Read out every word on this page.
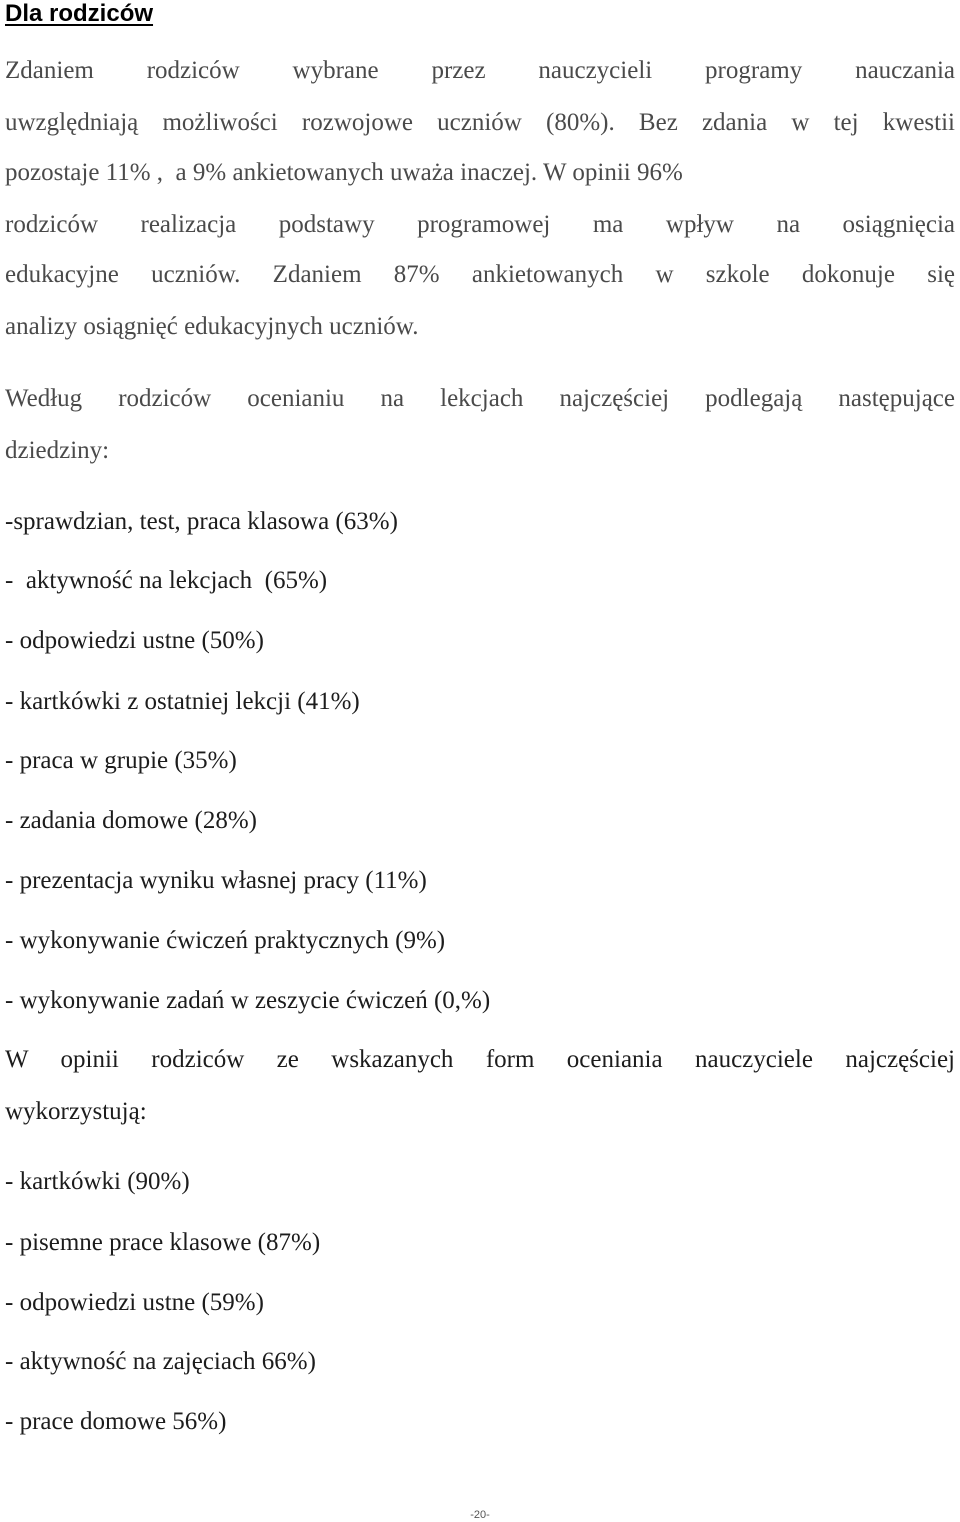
Dla rodziców

Zdaniem rodziców wybrane przez nauczycieli programy nauczania

uwzględniają możliwości rozwojowe uczniów (80%). Bez zdania w tej kwestii

pozostaje 11% ,  a 9% ankietowanych uważa inaczej. W opinii 96%

rodziców realizacja podstawy programowej ma wpływ na osiągnięcia

edukacyjne uczniów. Zdaniem 87% ankietowanych w szkole dokonuje się

analizy osiągnięć edukacyjnych uczniów.

Według rodziców ocenianiu na lekcjach najczęściej podlegają następujące

dziedziny:

-sprawdzian, test, praca klasowa (63%)

-  aktywność na lekcjach  (65%)

- odpowiedzi ustne (50%)

- kartkówki z ostatniej lekcji (41%)

- praca w grupie (35%)

- zadania domowe (28%)

- prezentacja wyniku własnej pracy (11%)

- wykonywanie ćwiczeń praktycznych (9%)

- wykonywanie zadań w zeszycie ćwiczeń (0,%)

W opinii rodziców ze wskazanych form oceniania nauczyciele najczęściej

wykorzystują:

- kartkówki (90%)

- pisemne prace klasowe (87%)

- odpowiedzi ustne (59%)

- aktywność na zajęciach 66%)

- prace domowe 56%)

-20-
